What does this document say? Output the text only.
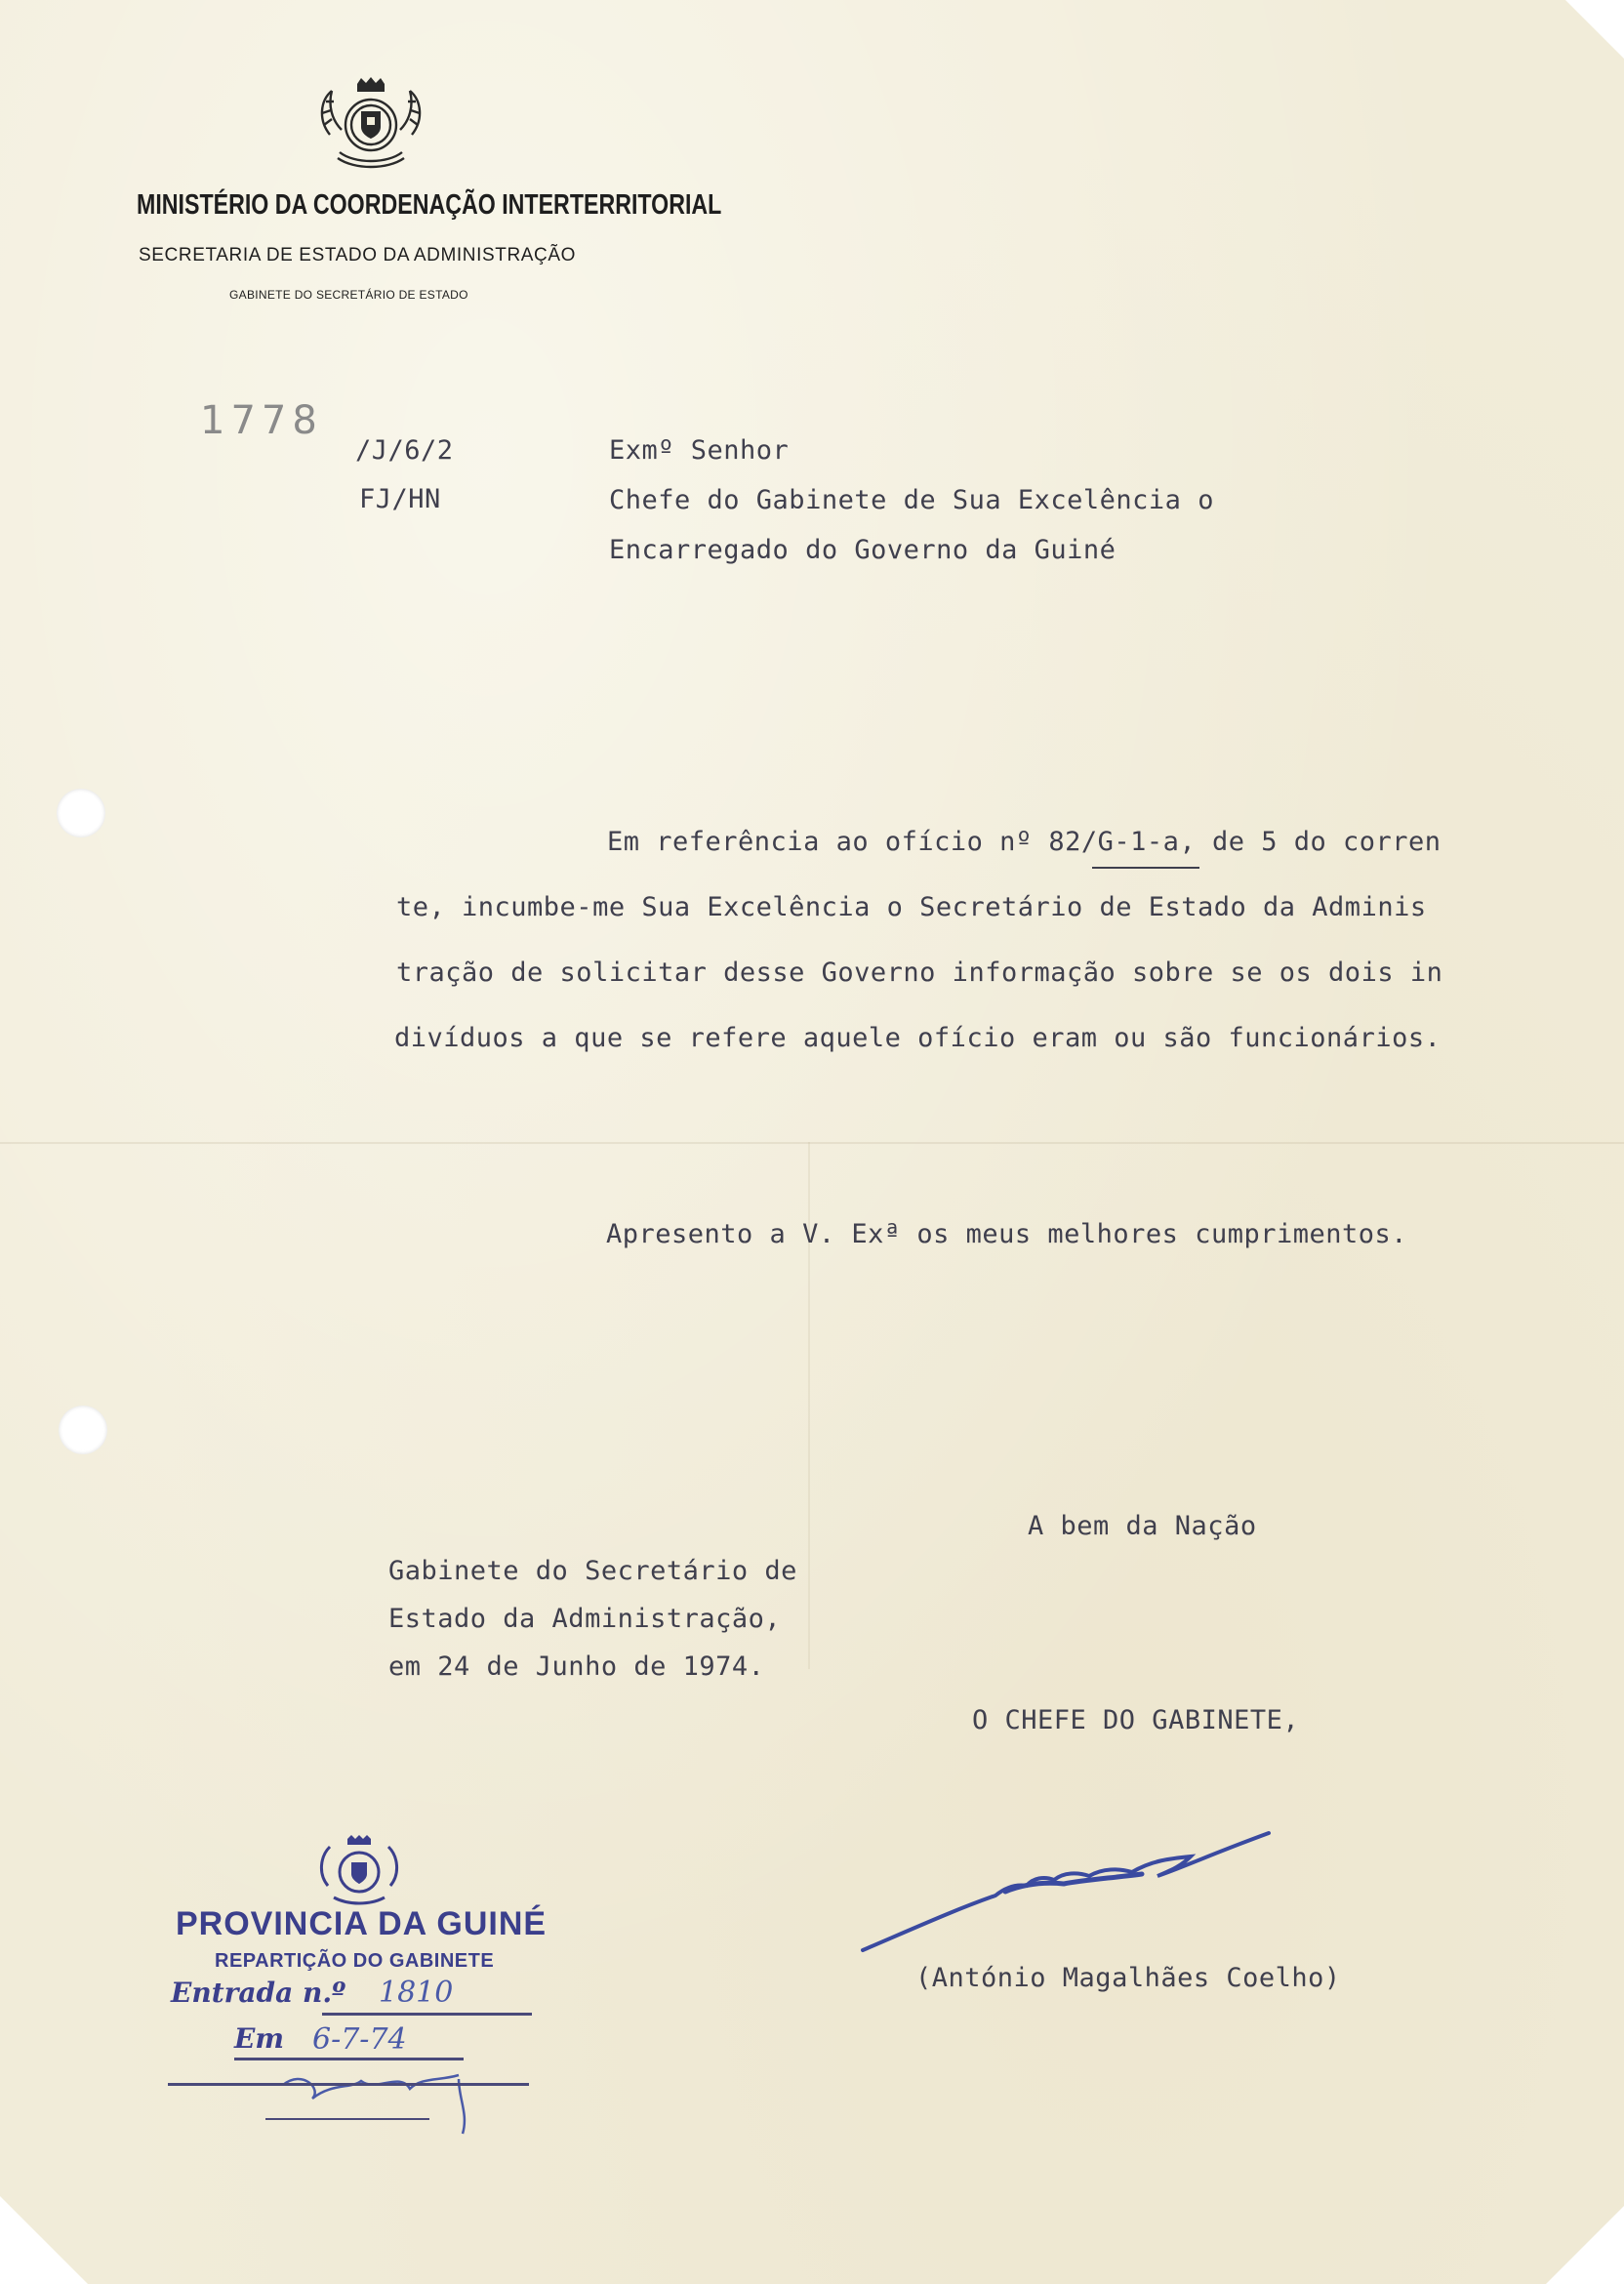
MINISTÉRIO DA COORDENAÇÃO INTERTERRITORIAL
SECRETARIA DE ESTADO DA ADMINISTRAÇÃO
GABINETE DO SECRETÁRIO DE ESTADO
1778
/J/6/2
FJ/HN
Exmº Senhor
Chefe do Gabinete de Sua Excelência o
Encarregado do Governo da Guiné
Em referência ao ofício nº 82/G-1-a, de 5 do corren
te, incumbe-me Sua Excelência o Secretário de Estado da Adminis
tração de solicitar desse Governo informação sobre se os dois in
divíduos a que se refere aquele ofício eram ou são funcionários.
Apresento a V. Exª os meus melhores cumprimentos.
A bem da Nação
Gabinete do Secretário de
Estado da Administração,
em 24 de Junho de 1974.
O CHEFE DO GABINETE,
(António Magalhães Coelho)
PROVINCIA DA GUINÉ
REPARTIÇÃO DO GABINETE
Entrada n.º 1810
Em 6-7-74
